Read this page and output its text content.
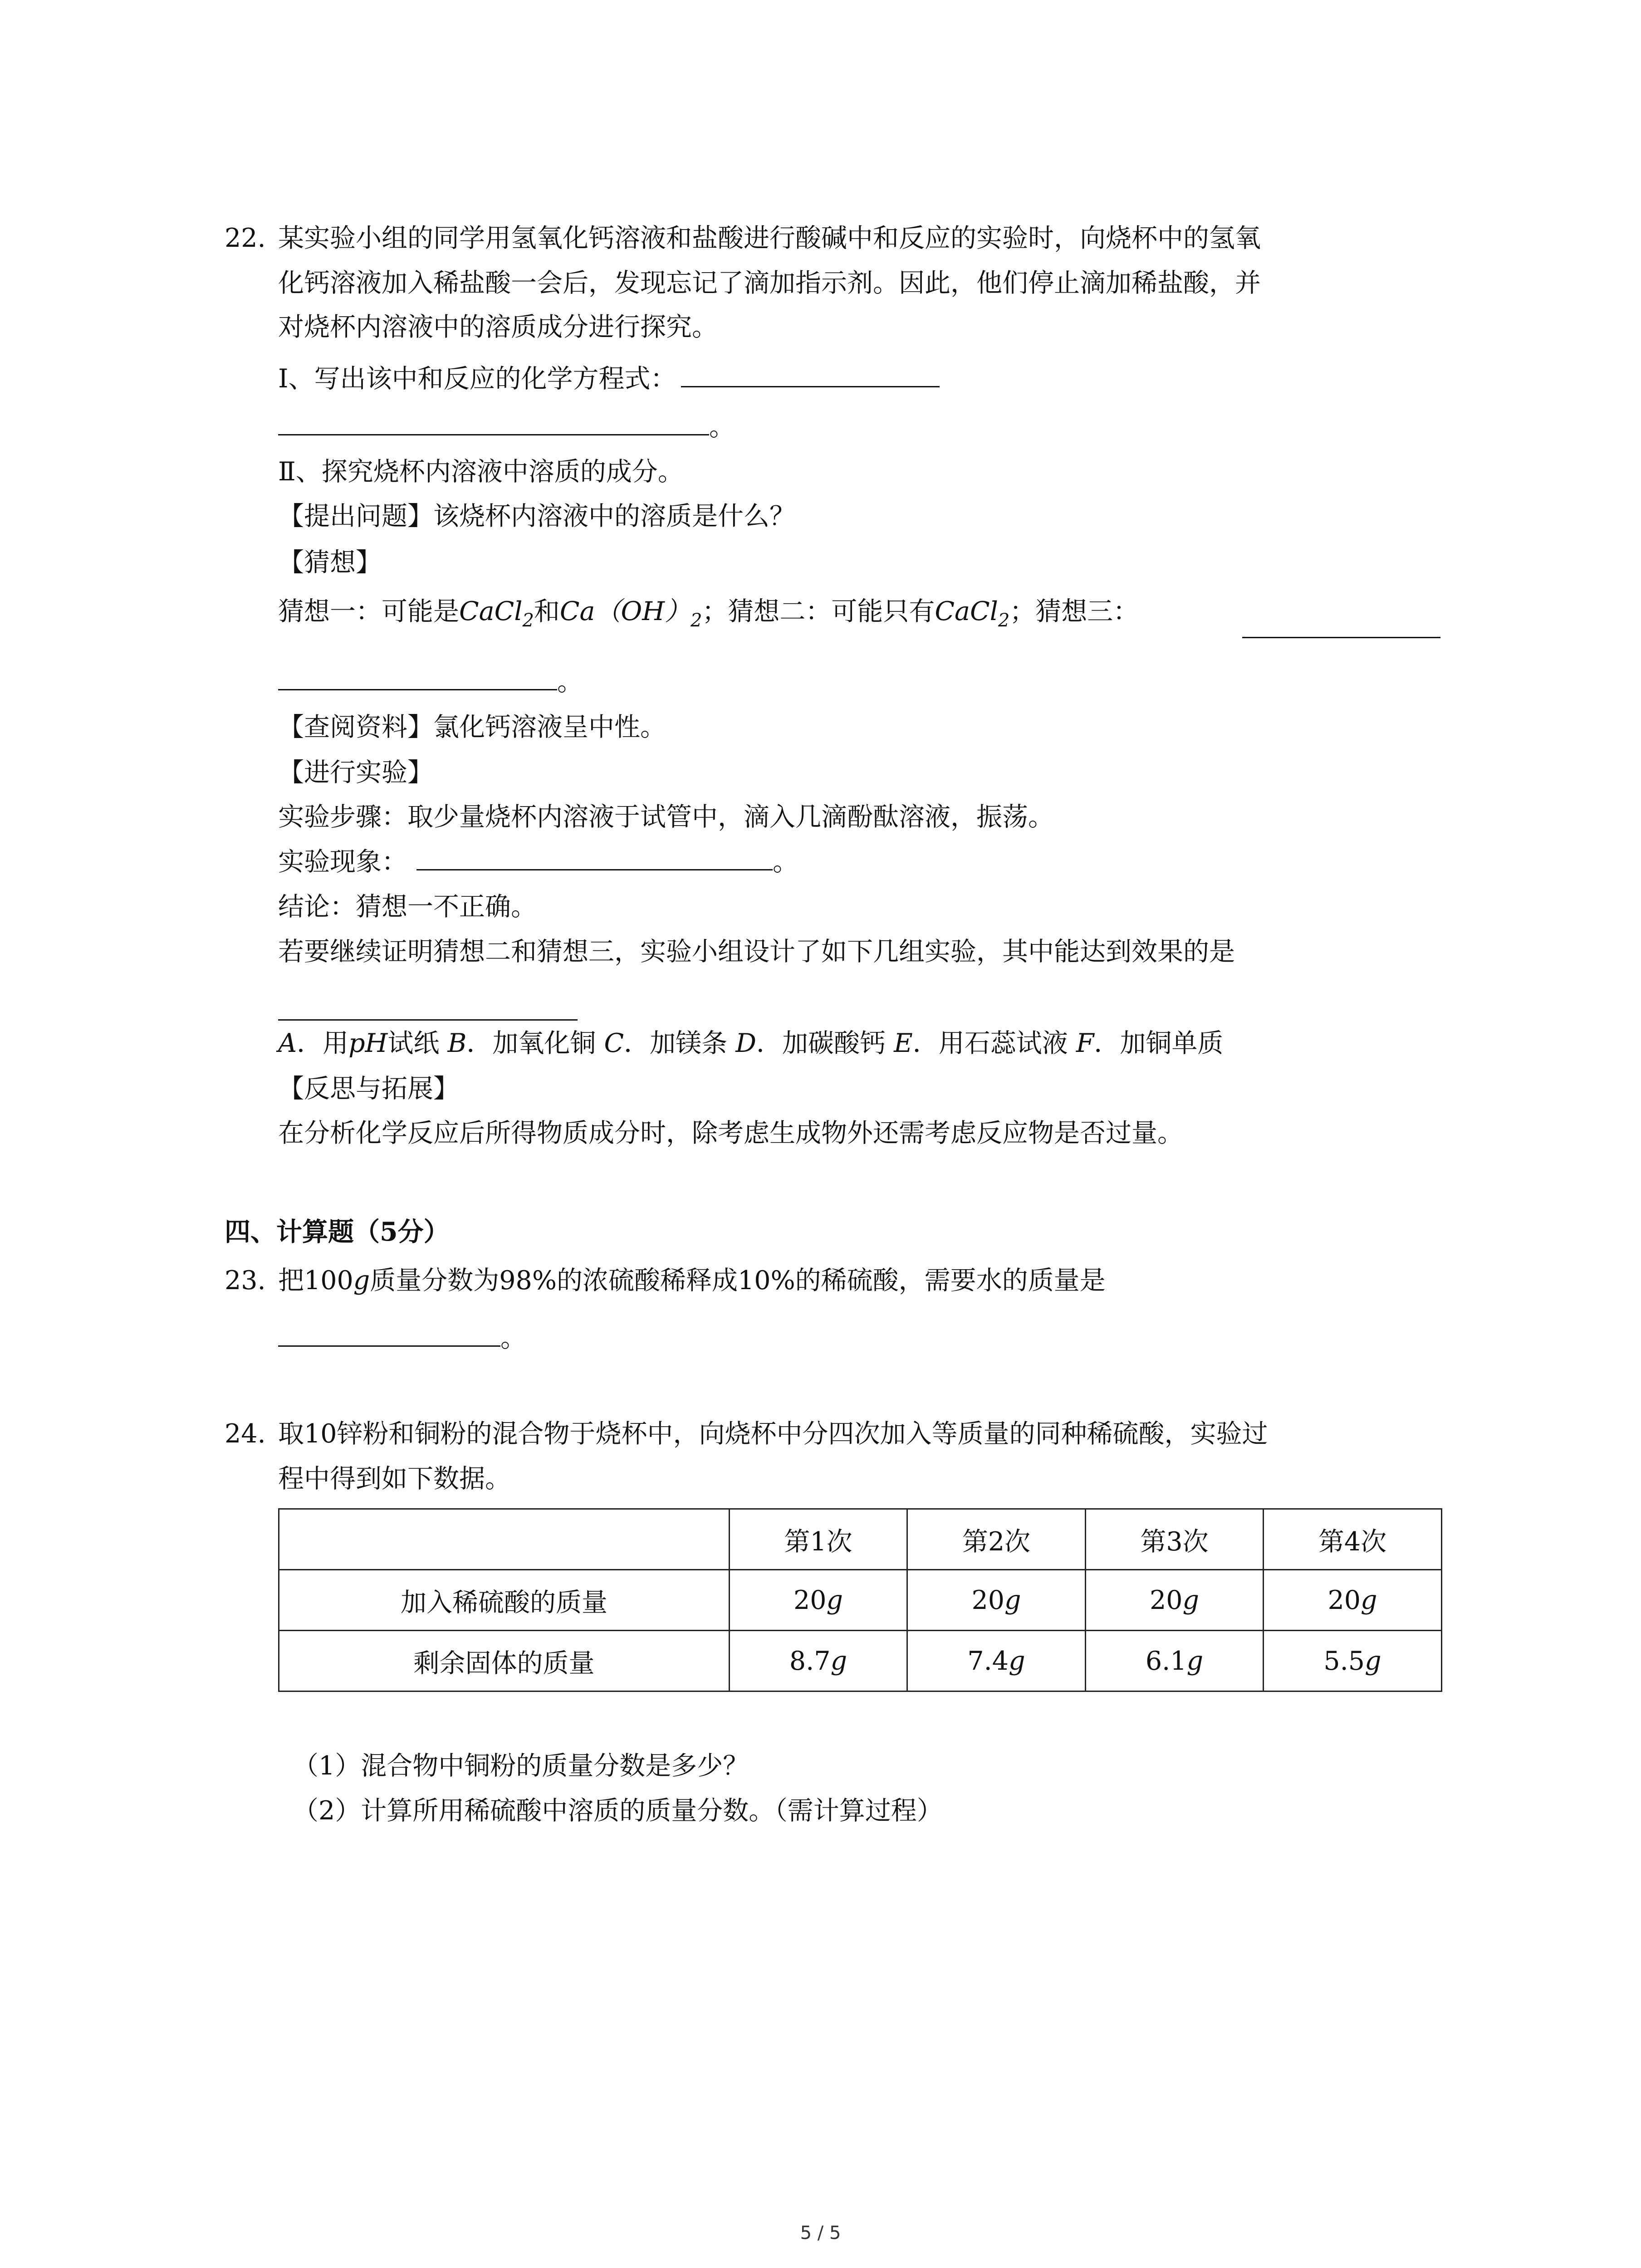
22. 某实验小组的同学用氢氧化钙溶液和盐酸进行酸碱中和反应的实验时，向烧杯中的氢氧
化钙溶液加入稀盐酸一会后，发现忘记了滴加指示剂。因此，他们停止滴加稀盐酸，并
对烧杯内溶液中的溶质成分进行探究。
Ⅰ、写出该中和反应的化学方程式：
。
Ⅱ、探究烧杯内溶液中溶质的成分。
【提出问题】该烧杯内溶液中的溶质是什么？
【猜想】
猜想一：可能是CaCl$_2$和$Ca(OH)_2$；猜想二：可能只有CaCl$_2$；猜想三：
。
【查阅资料】氯化钙溶液呈中性。
【进行实验】
实验步骤：取少量烧杯内溶液于试管中，滴入几滴酚酞溶液，振荡。
实验现象：	。
结论：猜想一不正确。
若要继续证明猜想二和猜想三，实验小组设计了如下几组实验，其中能达到效果的是
A．用pH试纸 B．加氧化铜 C．加镁条 D．加碳酸钙 E．用石蕊试液 F．加铜单质
【反思与拓展】
在分析化学反应后所得物质成分时，除考虑生成物外还需考虑反应物是否过量。
四、计算题（5分）
23. 把100g质量分数为98%的浓硫酸稀释成10%的稀硫酸，需要水的质量是
。
24. 取10锌粉和铜粉的混合物于烧杯中，向烧杯中分四次加入等质量的同种稀硫酸，实验过
程中得到如下数据。
	第1次	第2次	第3次	第4次
加入稀硫酸的质量	20g	20g	20g	20g
剩余固体的质量	8.7g	7.4g	6.1g	5.5g
（1）混合物中铜粉的质量分数是多少？
（2）计算所用稀硫酸中溶质的质量分数。（需计算过程）
5 / 5
